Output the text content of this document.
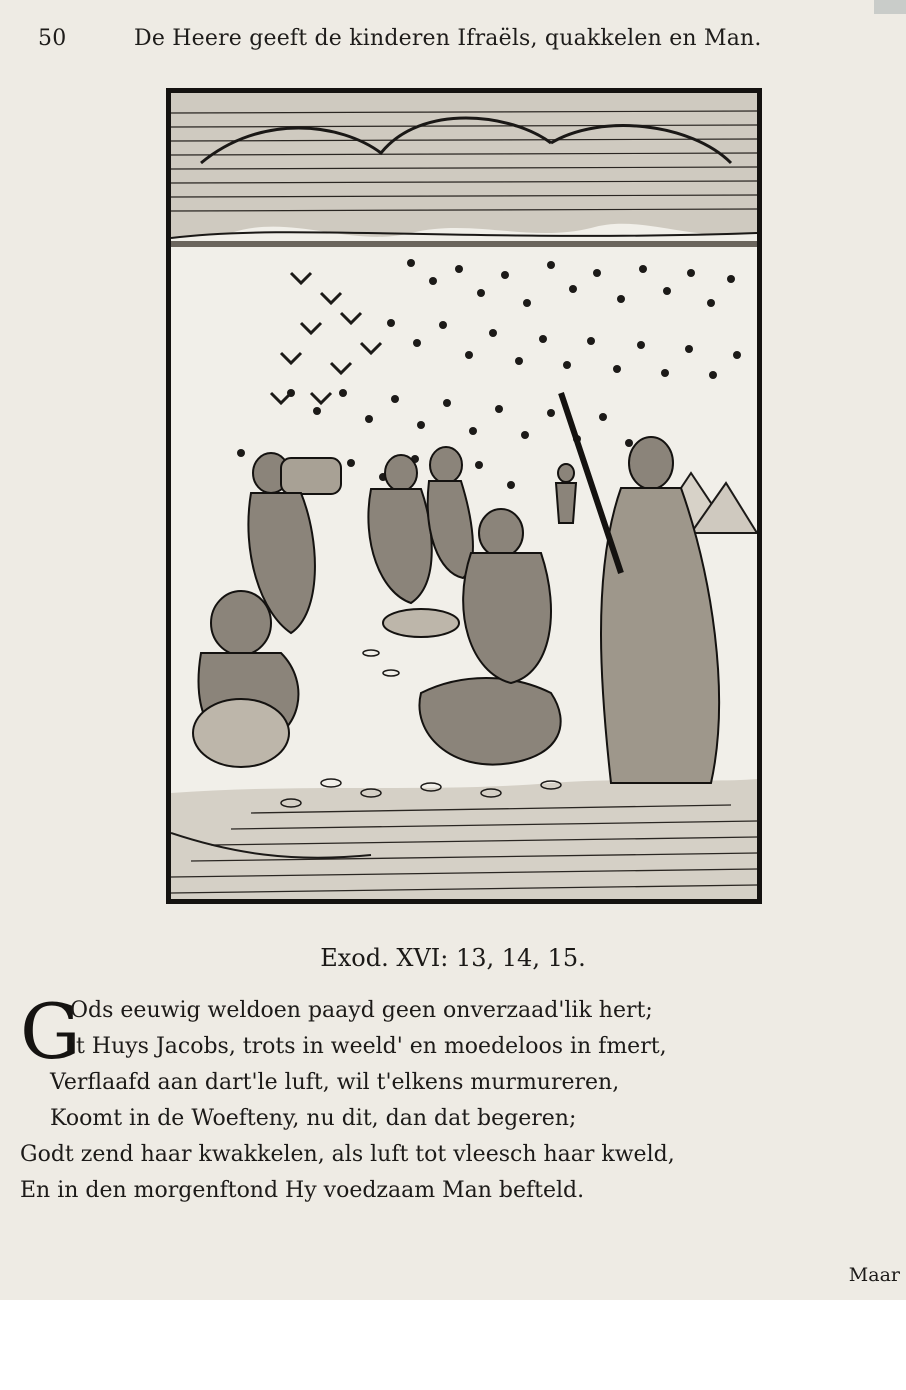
50	De Heere geeft de kinderen Ifraëls, quakkelen en Man.
Exod. XVI: 13, 14, 15.
G
Ods eeuwig weldoen paayd geen onverzaad'lik hert;
't Huys Jacobs, trots in weeld' en moedeloos in fmert,
Verflaafd aan dart'le luft, wil t'elkens murmureren,
Koomt in de Woefteny, nu dit, dan dat begeren;
Godt zend haar kwakkelen, als luft tot vleesch haar kweld,
En in den morgenftond Hy voedzaam Man befteld.
Maar
